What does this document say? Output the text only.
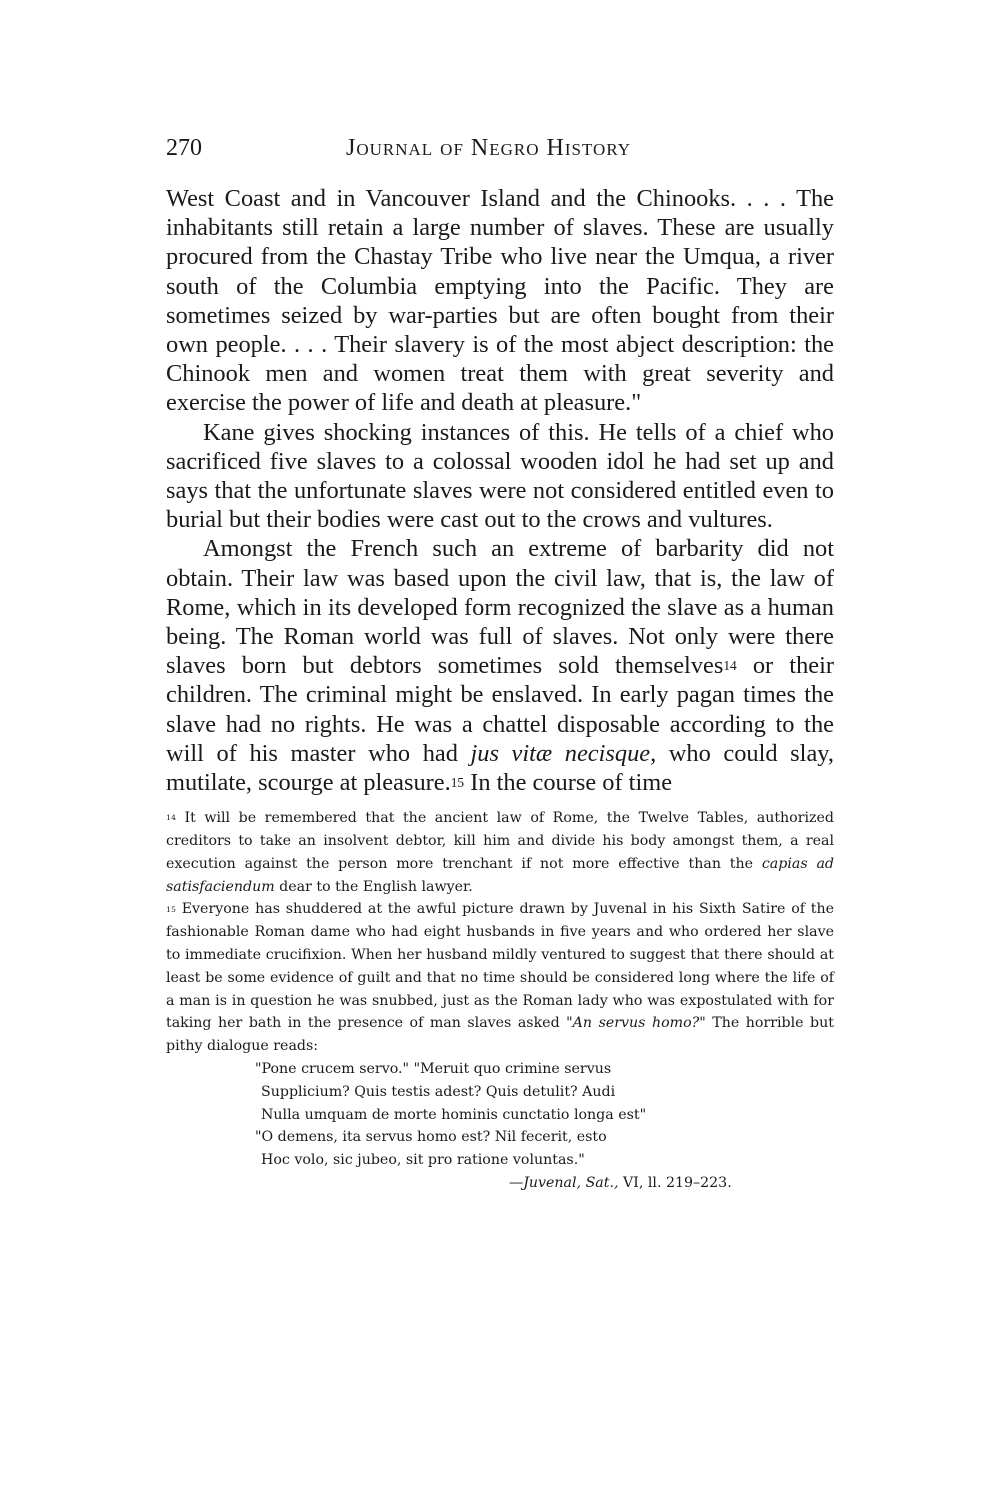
270	Journal of Negro History

West Coast and in Vancouver Island and the Chinooks. . . . The inhabitants still retain a large number of slaves. These are usually procured from the Chastay Tribe who live near the Umqua, a river south of the Columbia emptying into the Pacific. They are sometimes seized by war-parties but are often bought from their own people. . . . Their slavery is of the most abject description: the Chinook men and women treat them with great severity and exercise the power of life and death at pleasure."

Kane gives shocking instances of this. He tells of a chief who sacrificed five slaves to a colossal wooden idol he had set up and says that the unfortunate slaves were not considered entitled even to burial but their bodies were cast out to the crows and vultures.

Amongst the French such an extreme of barbarity did not obtain. Their law was based upon the civil law, that is, the law of Rome, which in its developed form recognized the slave as a human being. The Roman world was full of slaves. Not only were there slaves born but debtors sometimes sold themselves$^{14}$ or their children. The criminal might be enslaved. In early pagan times the slave had no rights. He was a chattel disposable according to the will of his master who had jus vitæ necisque, who could slay, mutilate, scourge at pleasure.$^{15}$ In the course of time

$^{14}$ It will be remembered that the ancient law of Rome, the Twelve Tables, authorized creditors to take an insolvent debtor, kill him and divide his body amongst them, a real execution against the person more trenchant if not more effective than the capias ad satisfaciendum dear to the English lawyer.

$^{15}$ Everyone has shuddered at the awful picture drawn by Juvenal in his Sixth Satire of the fashionable Roman dame who had eight husbands in five years and who ordered her slave to immediate crucifixion. When her husband mildly ventured to suggest that there should at least be some evidence of guilt and that no time should be considered long where the life of a man is in question he was snubbed, just as the Roman lady who was expostulated with for taking her bath in the presence of man slaves asked "An servus homo?" The horrible but pithy dialogue reads:

"Pone crucem servo." "Meruit quo crimine servus
Supplicium? Quis testis adest? Quis detulit? Audi
Nulla umquam de morte hominis cunctatio longa est"
"O demens, ita servus homo est? Nil fecerit, esto
Hoc volo, sic jubeo, sit pro ratione voluntas."
—Juvenal, Sat., VI, ll. 219–223.
